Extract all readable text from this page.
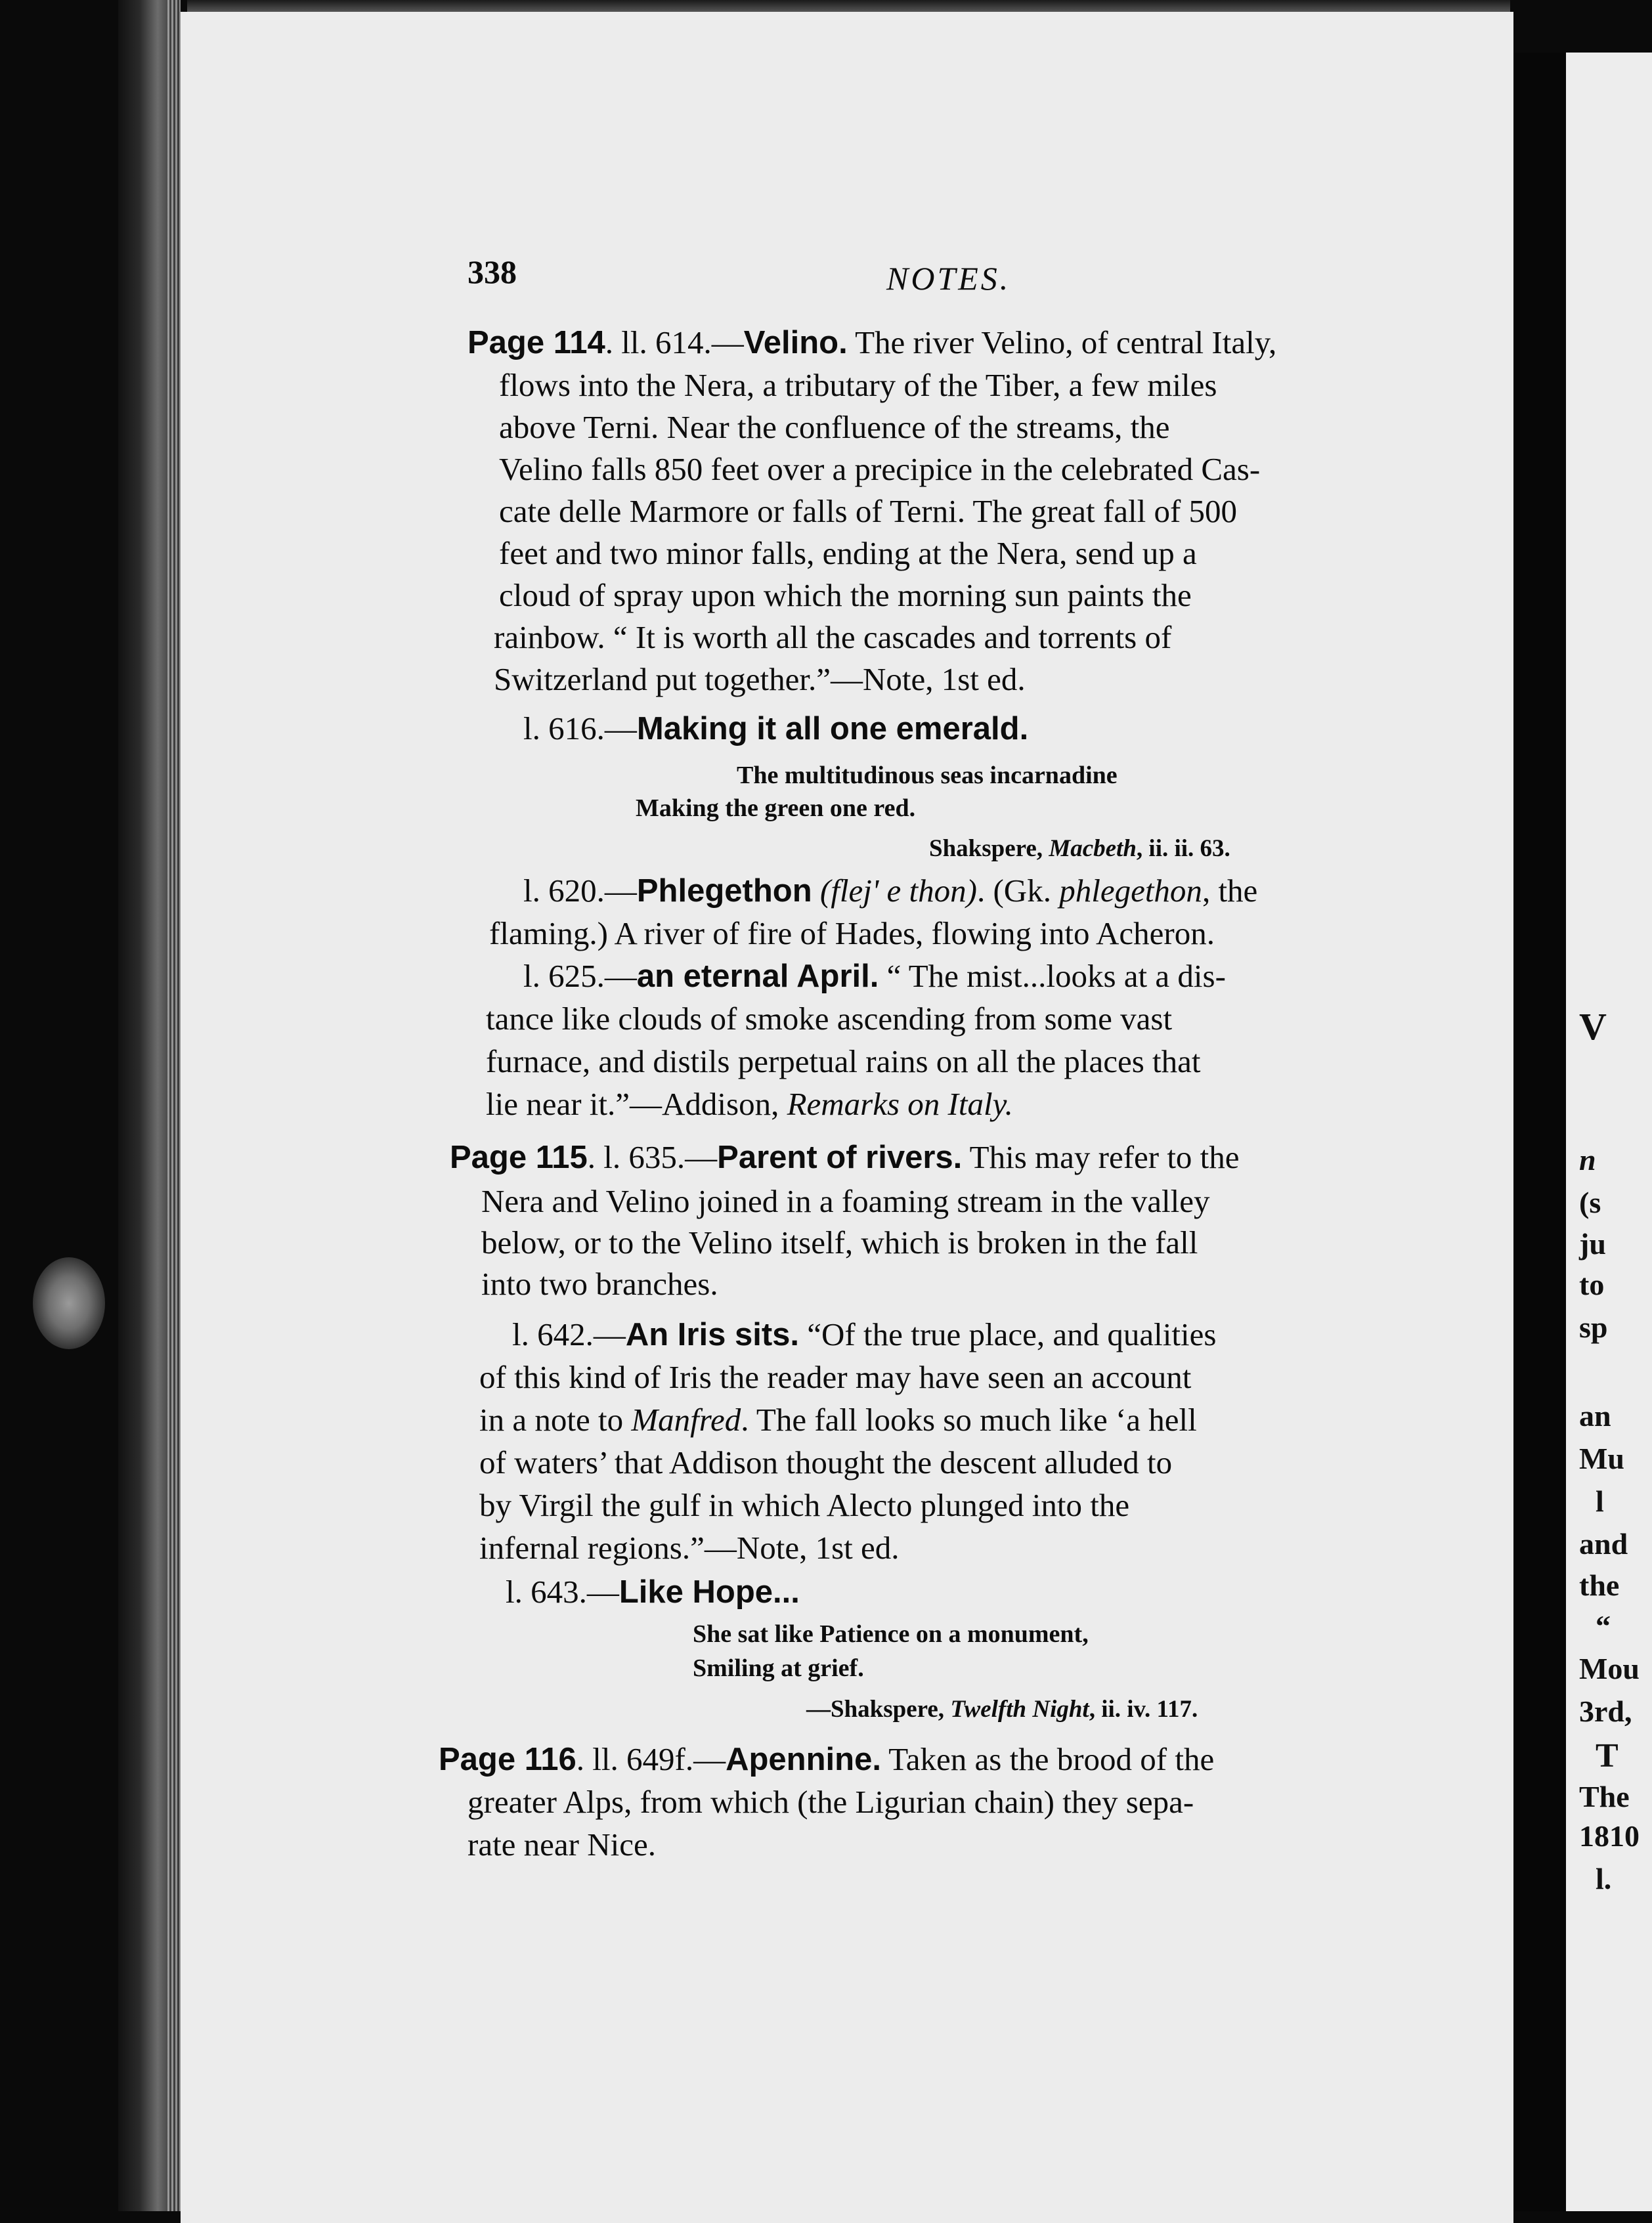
V
n
(s
ju
to
sp
an
Mu
l
and
the
“
Mou
3rd,
T
The
1810
l.
338	NOTES.
Page 114. ll. 614.—Velino. The river Velino, of central Italy,
flows into the Nera, a tributary of the Tiber, a few miles
above Terni. Near the confluence of the streams, the
Velino falls 850 feet over a precipice in the celebrated Cas-
cate delle Marmore or falls of Terni. The great fall of 500
feet and two minor falls, ending at the Nera, send up a
cloud of spray upon which the morning sun paints the
rainbow. “ It is worth all the cascades and torrents of
Switzerland put together.”—Note, 1st ed.
l. 616.—Making it all one emerald.
The multitudinous seas incarnadine
Making the green one red.
Shakspere, Macbeth, ii. ii. 63.
l. 620.—Phlegethon (flej' e thon). (Gk. phlegethon, the
flaming.) A river of fire of Hades, flowing into Acheron.
l. 625.—an eternal April. “ The mist...looks at a dis-
tance like clouds of smoke ascending from some vast
furnace, and distils perpetual rains on all the places that
lie near it.”—Addison, Remarks on Italy.
Page 115. l. 635.—Parent of rivers. This may refer to the
Nera and Velino joined in a foaming stream in the valley
below, or to the Velino itself, which is broken in the fall
into two branches.
l. 642.—An Iris sits. “Of the true place, and qualities
of this kind of Iris the reader may have seen an account
in a note to Manfred. The fall looks so much like ‘a hell
of waters’ that Addison thought the descent alluded to
by Virgil the gulf in which Alecto plunged into the
infernal regions.”—Note, 1st ed.
l. 643.—Like Hope...
She sat like Patience on a monument,
Smiling at grief.
—Shakspere, Twelfth Night, ii. iv. 117.
Page 116. ll. 649f.—Apennine. Taken as the brood of the
greater Alps, from which (the Ligurian chain) they sepa-
rate near Nice.
